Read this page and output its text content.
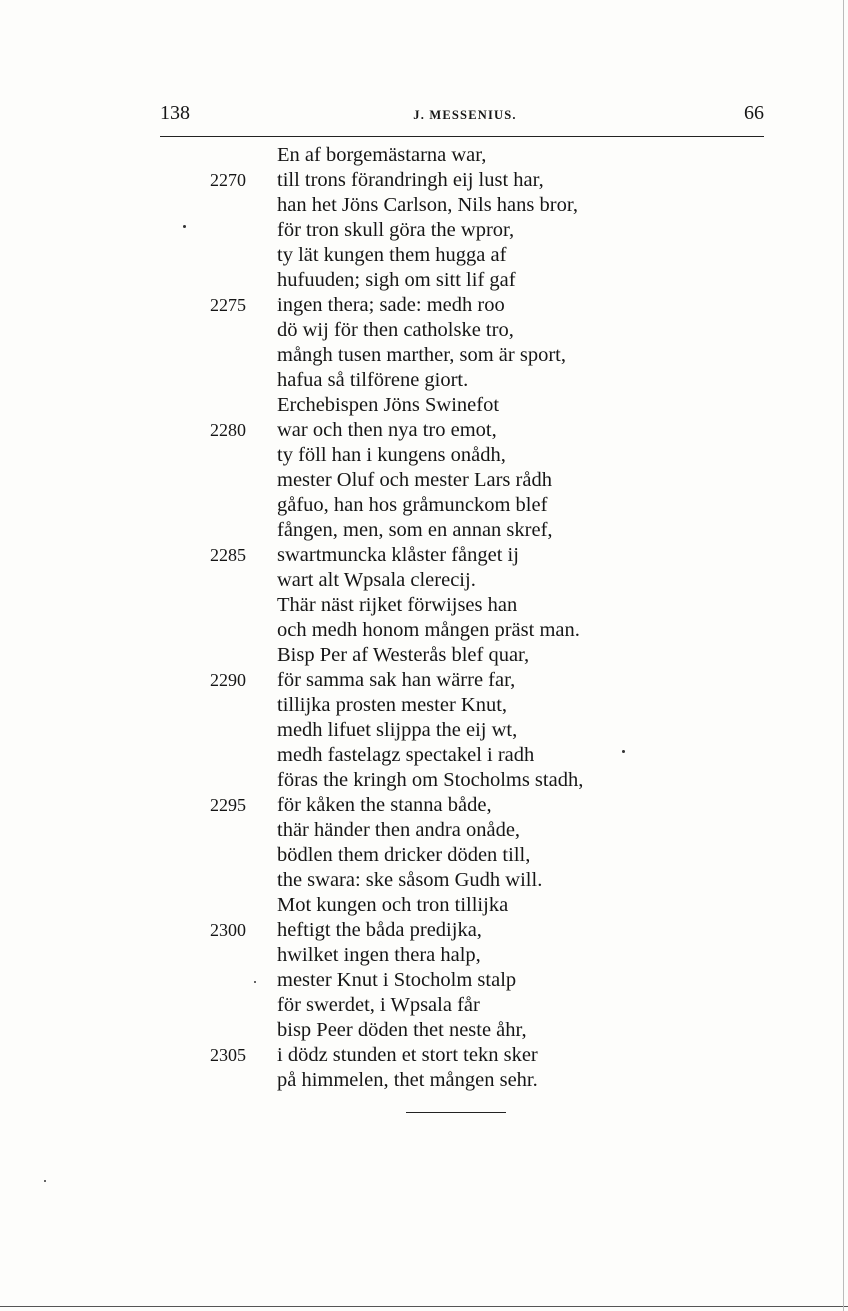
138	J. MESSENIUS.	66
En af borgemästarna war,
2270	till trons förandringh eij lust har,
han het Jöns Carlson, Nils hans bror,
för tron skull göra the wpror,
ty lät kungen them hugga af
hufuuden; sigh om sitt lif gaf
2275	ingen thera; sade: medh roo
dö wij för then catholske tro,
mångh tusen marther, som är sport,
hafua så tilförene giort.
Erchebispen Jöns Swinefot
2280	war och then nya tro emot,
ty föll han i kungens onådh,
mester Oluf och mester Lars rådh
gåfuo, han hos gråmunckom blef
fången, men, som en annan skref,
2285	swartmuncka klåster fånget ij
wart alt Wpsala clerecij.
Thär näst rijket förwijses han
och medh honom mången präst man.
Bisp Per af Westerås blef quar,
2290	för samma sak han wärre far,
tillijka prosten mester Knut,
medh lifuet slijppa the eij wt,
medh fastelagz spectakel i radh
föras the kringh om Stocholms stadh,
2295	för kåken the stanna både,
thär händer then andra onåde,
bödlen them dricker döden till,
the swara: ske såsom Gudh will.
Mot kungen och tron tillijka
2300	heftigt the båda predijka,
hwilket ingen thera halp,
mester Knut i Stocholm stalp
för swerdet, i Wpsala får
bisp Peer döden thet neste åhr,
2305	i dödz stunden et stort tekn sker
på himmelen, thet mången sehr.
